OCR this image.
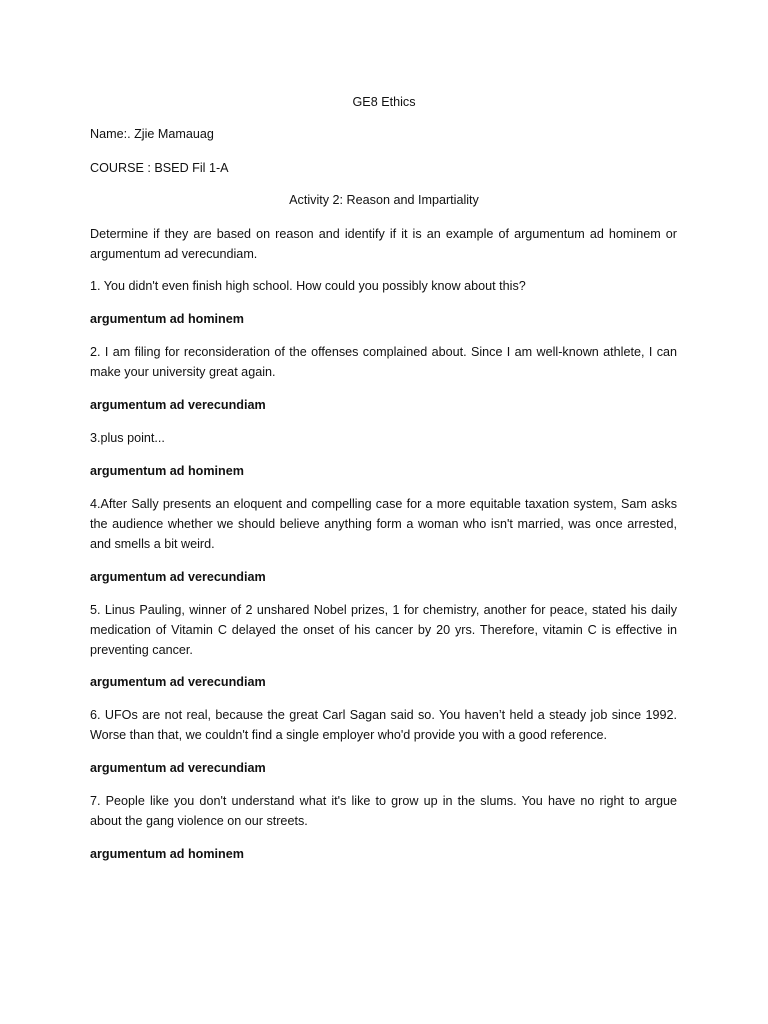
GE8 Ethics
Name:. Zjie Mamauag
COURSE : BSED Fil 1-A
Activity 2: Reason and Impartiality
Determine if they are based on reason and identify if it is an example of argumentum ad hominem or argumentum ad verecundiam.
1. You didn't even finish high school. How could you possibly know about this?
argumentum ad hominem
2. I am filing for reconsideration of the offenses complained about. Since I am well-known athlete, I can make your university great again.
argumentum ad verecundiam
3.plus point...
argumentum ad hominem
4.After Sally presents an eloquent and compelling case for a more equitable taxation system, Sam asks the audience whether we should believe anything form a woman who isn't married, was once arrested, and smells a bit weird.
argumentum ad verecundiam
5. Linus Pauling, winner of 2 unshared Nobel prizes, 1 for chemistry, another for peace, stated his daily medication of Vitamin C delayed the onset of his cancer by 20 yrs. Therefore, vitamin C is effective in preventing cancer.
argumentum ad verecundiam
6. UFOs are not real, because the great Carl Sagan said so. You haven’t held a steady job since 1992. Worse than that, we couldn't find a single employer who'd provide you with a good reference.
argumentum ad verecundiam
7. People like you don't understand what it's like to grow up in the slums. You have no right to argue about the gang violence on our streets.
argumentum ad hominem
